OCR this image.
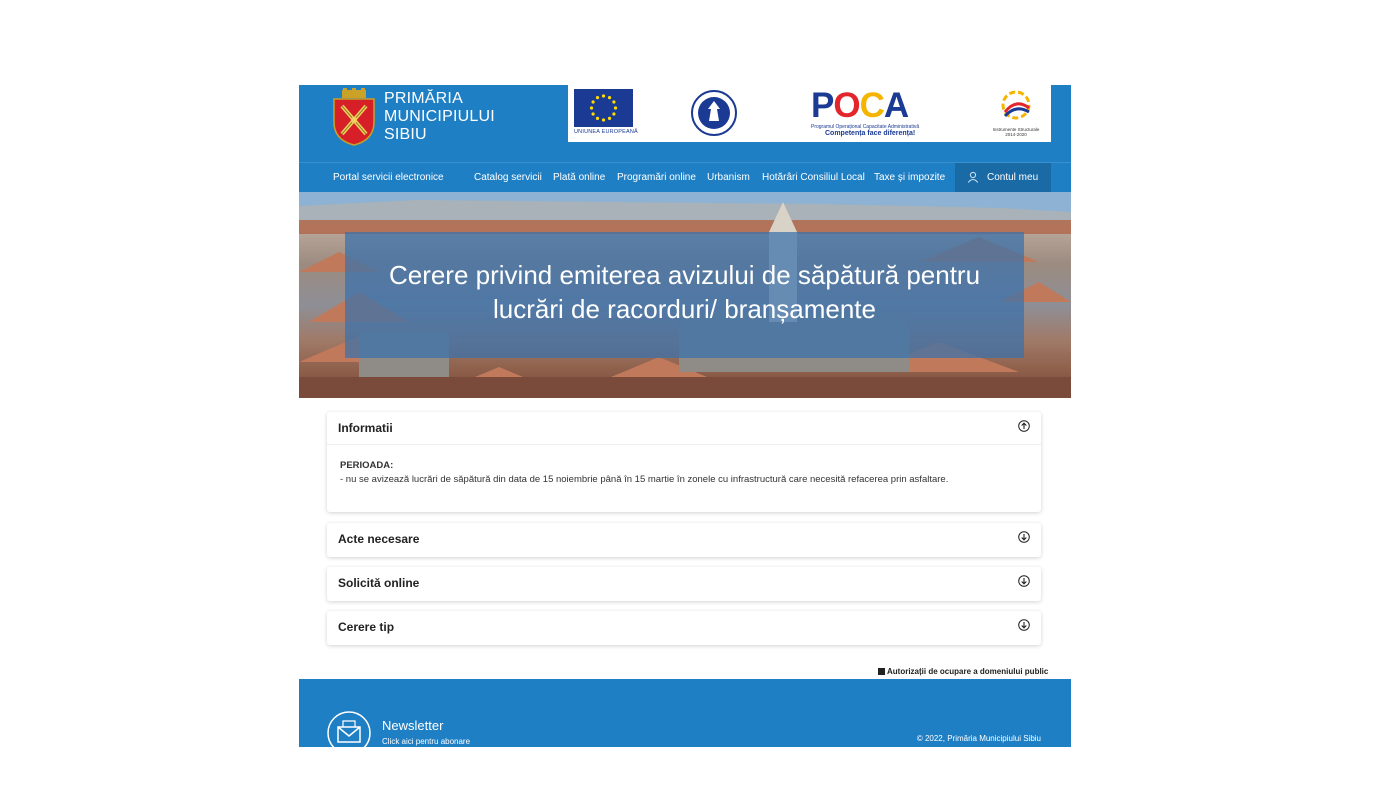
PRIMĂRIA
MUNICIPIULUI
SIBIU	UNIUNEA EUROPEANĂ
POCA
Programul Operațional Capacitate Administrativă
Competența face diferența!
Instrumente Structurale
2014-2020
Portal servicii electronice	Catalog servicii Plată online Programări online Urbanism Hotărâri Consiliul Local Taxe și impozite	Contul meu
Cerere privind emiterea avizului de săpătură pentru
lucrări de racorduri/ branșamente
Informatii
PERIOADA:
- nu se avizează lucrări de săpătură din data de 15 noiembrie până în 15 martie în zonele cu infrastructură care necesită refacerea prin asfaltare.
Acte necesare
Solicită online
Cerere tip
Autorizații de ocupare a domeniului public
Newsletter
Click aici pentru abonare	© 2022, Primăria Municipiului Sibiu
